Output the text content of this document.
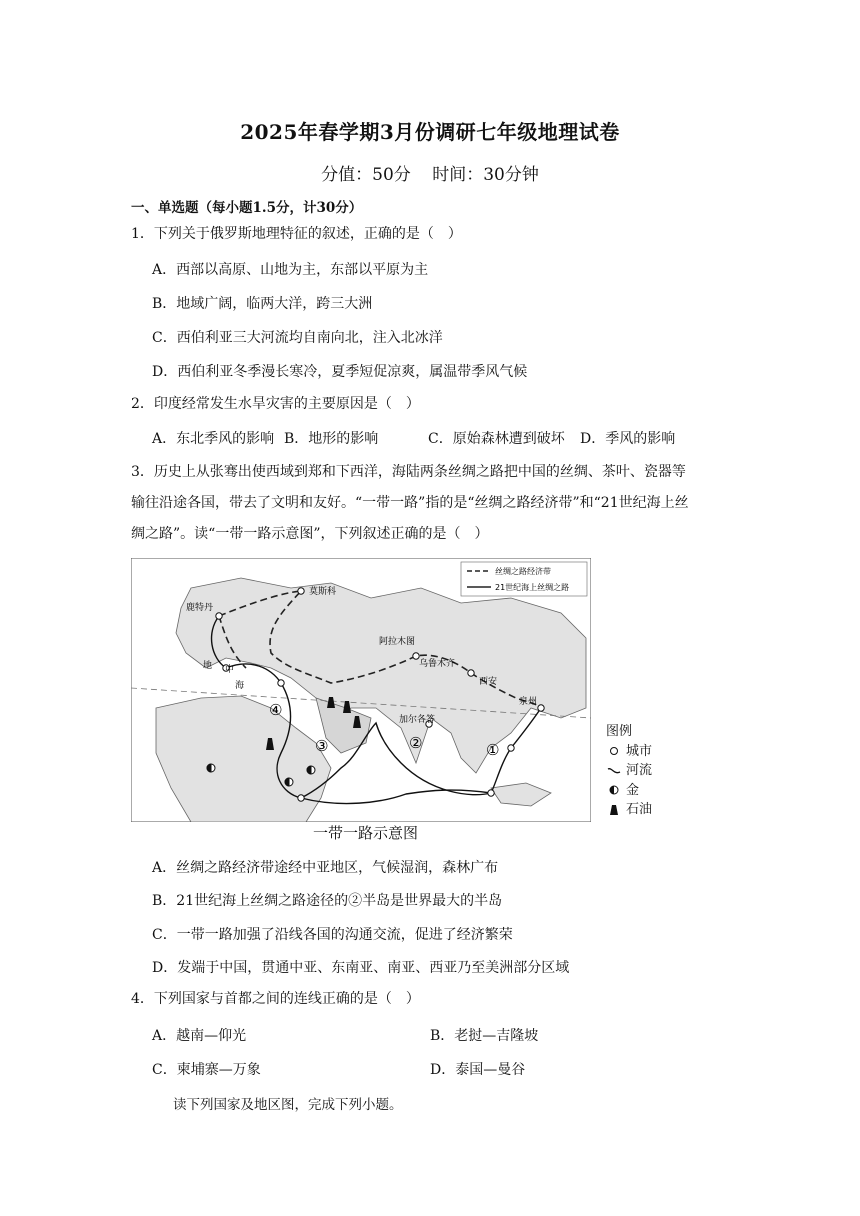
2025年春学期3月份调研七年级地理试卷
分值：50分 时间：30分钟
一、单选题（每小题1.5分，计30分）
1．下列关于俄罗斯地理特征的叙述，正确的是（　）
A．西部以高原、山地为主，东部以平原为主
B．地域广阔，临两大洋，跨三大洲
C．西伯利亚三大河流均自南向北，注入北冰洋
D．西伯利亚冬季漫长寒冷，夏季短促凉爽，属温带季风气候
2．印度经常发生水旱灾害的主要原因是（　）
A．东北季风的影响 B．地形的影响	C．原始森林遭到破坏 D．季风的影响
3．历史上从张骞出使西域到郑和下西洋，海陆两条丝绸之路把中国的丝绸、茶叶、瓷器等
输往沿途各国，带去了文明和友好。“一带一路”指的是“丝绸之路经济带”和“21世纪海上丝
绸之路”。读“一带一路示意图”，下列叙述正确的是（　）
丝绸之路经济带
21世纪海上丝绸之路
鹿特丹
莫斯科
阿拉木图
乌鲁木齐
西安
泉州
加尔各答
地 中
海
①
②
③
④
图例
城市
河流
金
石油
一带一路示意图
A．丝绸之路经济带途经中亚地区，气候湿润，森林广布
B．21世纪海上丝绸之路途径的②半岛是世界最大的半岛
C．一带一路加强了沿线各国的沟通交流，促进了经济繁荣
D．发端于中国，贯通中亚、东南亚、南亚、西亚乃至美洲部分区域
4．下列国家与首都之间的连线正确的是（　）
A．越南—仰光	B．老挝—吉隆坡
C．柬埔寨—万象	D．泰国—曼谷
读下列国家及地区图，完成下列小题。
